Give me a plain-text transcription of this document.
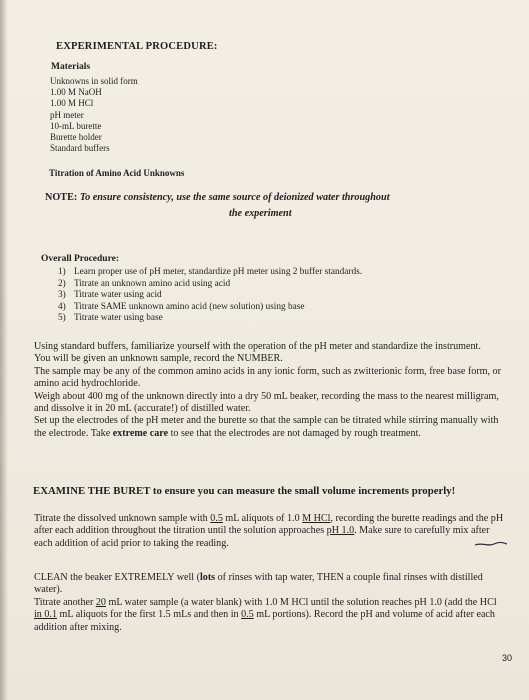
EXPERIMENTAL PROCEDURE:
Materials
Unknowns in solid form
1.00 M NaOH
1.00 M HCl
pH meter
10-mL burette
Burette holder
Standard buffers
Titration of Amino Acid Unknowns
NOTE: To ensure consistency, use the same source of deionized water throughout
the experiment
Overall Procedure:
1) Learn proper use of pH meter, standardize pH meter using 2 buffer standards.
2) Titrate an unknown amino acid using acid
3) Titrate water using acid
4) Titrate SAME unknown amino acid (new solution) using base
5) Titrate water using base
Using standard buffers, familiarize yourself with the operation of the pH meter and standardize the instrument.
You will be given an unknown sample, record the NUMBER.
The sample may be any of the common amino acids in any ionic form, such as zwitterionic form, free base form, or amino acid hydrochloride.
Weigh about 400 mg of the unknown directly into a dry 50 mL beaker, recording the mass to the nearest milligram, and dissolve it in 20 mL (accurate!) of distilled water.
Set up the electrodes of the pH meter and the burette so that the sample can be titrated while stirring manually with the electrode. Take extreme care to see that the electrodes are not damaged by rough treatment.
EXAMINE THE BURET to ensure you can measure the small volume increments properly!
Titrate the dissolved unknown sample with 0.5 mL aliquots of 1.0 M HCl, recording the burette readings and the pH after each addition throughout the titration until the solution approaches pH 1.0. Make sure to carefully mix after each addition of acid prior to taking the reading.
CLEAN the beaker EXTREMELY well (lots of rinses with tap water, THEN a couple final rinses with distilled water).
Titrate another 20 mL water sample (a water blank) with 1.0 M HCl until the solution reaches pH 1.0 (add the HCl in 0.1 mL aliquots for the first 1.5 mLs and then in 0.5 mL portions). Record the pH and volume of acid after each addition after mixing.
30
